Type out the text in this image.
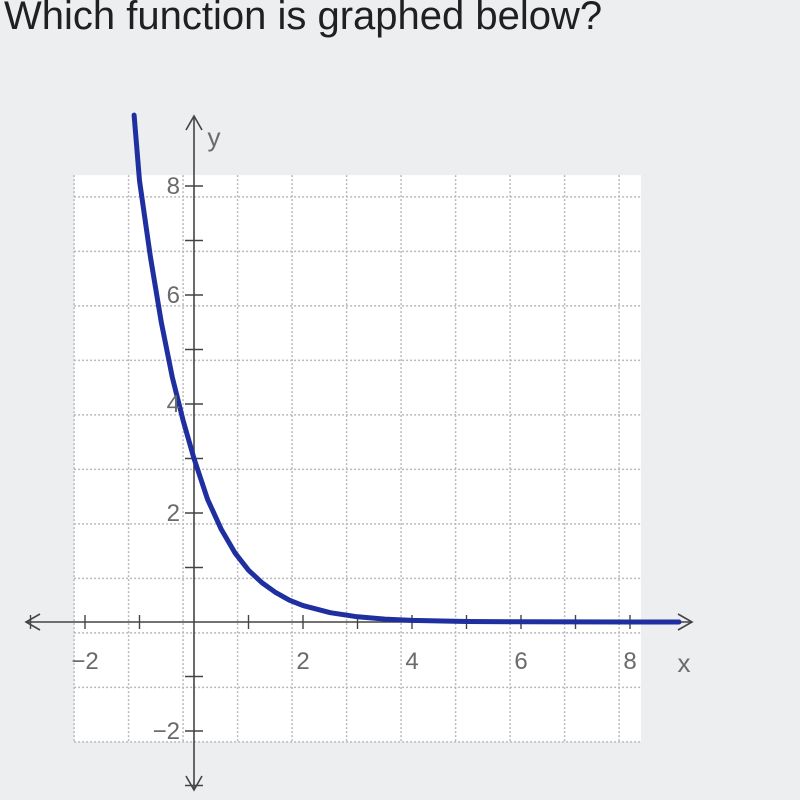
Which function is graphed below?
−2	2	4	6	8
8
6
4
2
−2
x
y
